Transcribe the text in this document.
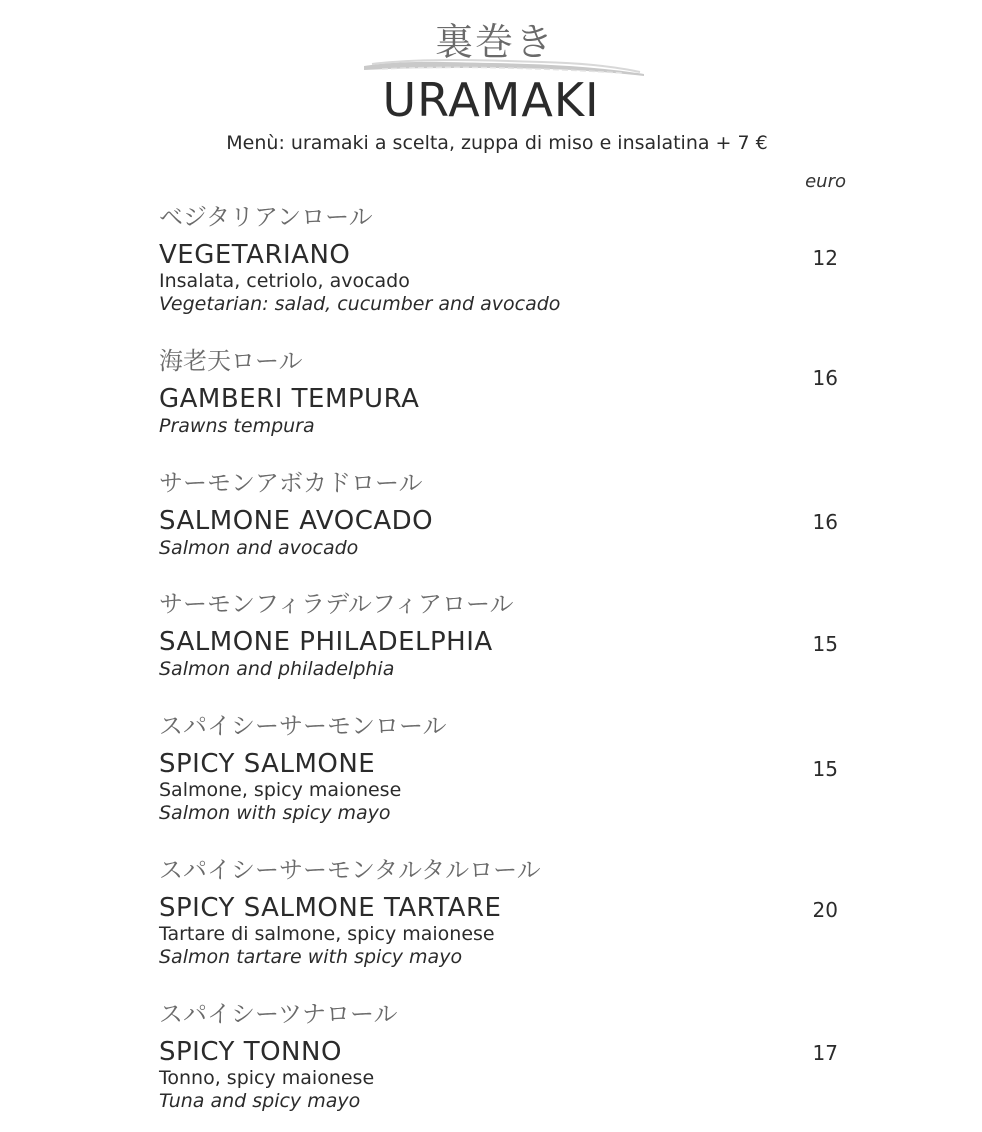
裏巻き
URAMAKI
Menù: uramaki a scelta, zuppa di miso e insalatina + 7 €
euro
ベジタリアンロール
VEGETARIANO
Insalata, cetriolo, avocado
Vegetarian: salad, cucumber and avocado
12
海老天ロール
GAMBERI TEMPURA
Prawns tempura
16
サーモンアボカドロール
SALMONE AVOCADO
Salmon and avocado
16
サーモンフィラデルフィアロール
SALMONE PHILADELPHIA
Salmon and philadelphia
15
スパイシーサーモンロール
SPICY SALMONE
Salmone, spicy maionese
Salmon with spicy mayo
15
スパイシーサーモンタルタルロール
SPICY SALMONE TARTARE
Tartare di salmone, spicy maionese
Salmon tartare with spicy mayo
20
スパイシーツナロール
SPICY TONNO
Tonno, spicy maionese
Tuna and spicy mayo
17
